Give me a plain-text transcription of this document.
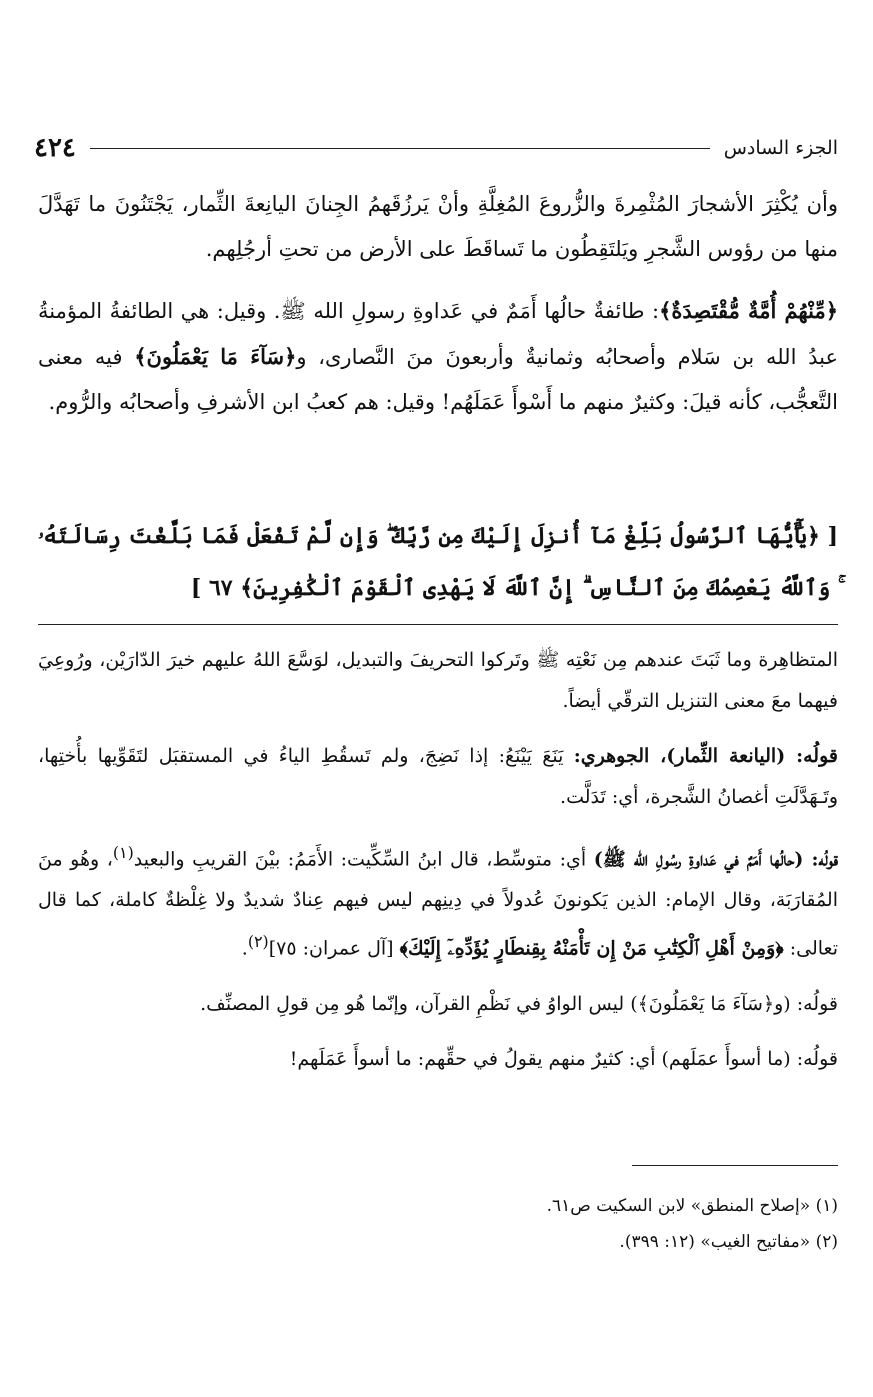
الجزء السادس
٤٢٤

وأن يُكْثِرَ الأشجارَ المُثْمِرةَ والزُّروعَ المُغِلَّةِ وأنْ يَرزُقَهمُ الجِنانَ اليانِعةَ الثِّمار، يَجْتَنُونَ ما تَهَدَّلَ منها من رؤوس الشَّجرِ ويَلتَقِطُون ما تَساقَطَ على الأرض من تحتِ أرجُلِهم.

﴿مِّنْهُمْ أُمَّةٌ مُّقْتَصِدَةٌ﴾: طائفةٌ حالُها أَمَمٌ في عَداوةِ رسولِ الله ﷺ. وقيل: هي الطائفةُ المؤمنةُ عبدُ الله بن سَلام وأصحابُه وثمانيةٌ وأربعونَ منَ النَّصارى، و﴿سَآءَ مَا يَعْمَلُونَ﴾ فيه معنى التَّعجُّب، كأنه قيلَ: وكثيرٌ منهم ما أَسْوأَ عَمَلَهُم! وقيل: هم كعبُ ابن الأشرفِ وأصحابُه والرُّوم.

[ ﴿يَٰٓأَيُّهَا ٱلرَّسُولُ بَلِّغْ مَآ أُنزِلَ إِلَيْكَ مِن رَّبِّكَ ۖ وَإِن لَّمْ تَفْعَلْ فَمَا بَلَّغْتَ رِسَالَتَهُۥ ۚ وَٱللَّهُ يَعْصِمُكَ مِنَ ٱلنَّاسِ ۗ إِنَّ ٱللَّهَ لَا يَهْدِى ٱلْقَوْمَ ٱلْكَٰفِرِينَ﴾ ٦٧ ]

المتظاهِرة وما ثَبَتَ عندهم مِن نَعْتِه ﷺ وتَركوا التحريفَ والتبديل، لوَسَّعَ اللهُ عليهم خيرَ الدّارَيْن، ورُوعِيَ فيهما معَ معنى التنزيل الترقّي أيضاً.

قولُه: (اليانعة الثِّمار)، الجوهري: يَنَعَ يَيْنَعُ: إذا نَضِجَ، ولم تَسقُطِ الياءُ في المستقبَل لتَقَوِّيها بأُختِها، وتَـهَدَّلَتِ أغصانُ الشَّجرة، أي: تَدَلَّت.

قولُه: (حالُها أَمَمٌ في عَداوةِ رسُولِ الله ﷺ) أي: متوسِّط، قال ابنُ السِّكِّيت: الأَمَمُ: بيْنَ القريبِ والبعيد$^{(١)}$، وهُو منَ المُقارَبَة، وقال الإمام: الذين يَكونونَ عُدولاً في دِينِهم ليس فيهم عِنادٌ شديدٌ ولا غِلْظةٌ كاملة، كما قال تعالى: ﴿وَمِنْ أَهْلِ ٱلْكِتَٰبِ مَنْ إِن تَأْمَنْهُ بِقِنطَارٍ يُؤَدِّهِۦٓ إِلَيْكَ﴾ [آل عمران: ٧٥]$^{(٢)}$.

قولُه: (و﴿سَآءَ مَا يَعْمَلُونَ﴾) ليس الواوُ في نَظْمِ القرآن، وإنّما هُو مِن قولِ المصنِّف.

قولُه: (ما أسوأَ عمَلَهم) أي: كثيرٌ منهم يقولُ في حقِّهم: ما أسوأَ عَمَلَهم!

(١) «إصلاح المنطق» لابن السكيت ص٦١.
(٢) «مفاتيح الغيب» (١٢: ٣٩٩).
